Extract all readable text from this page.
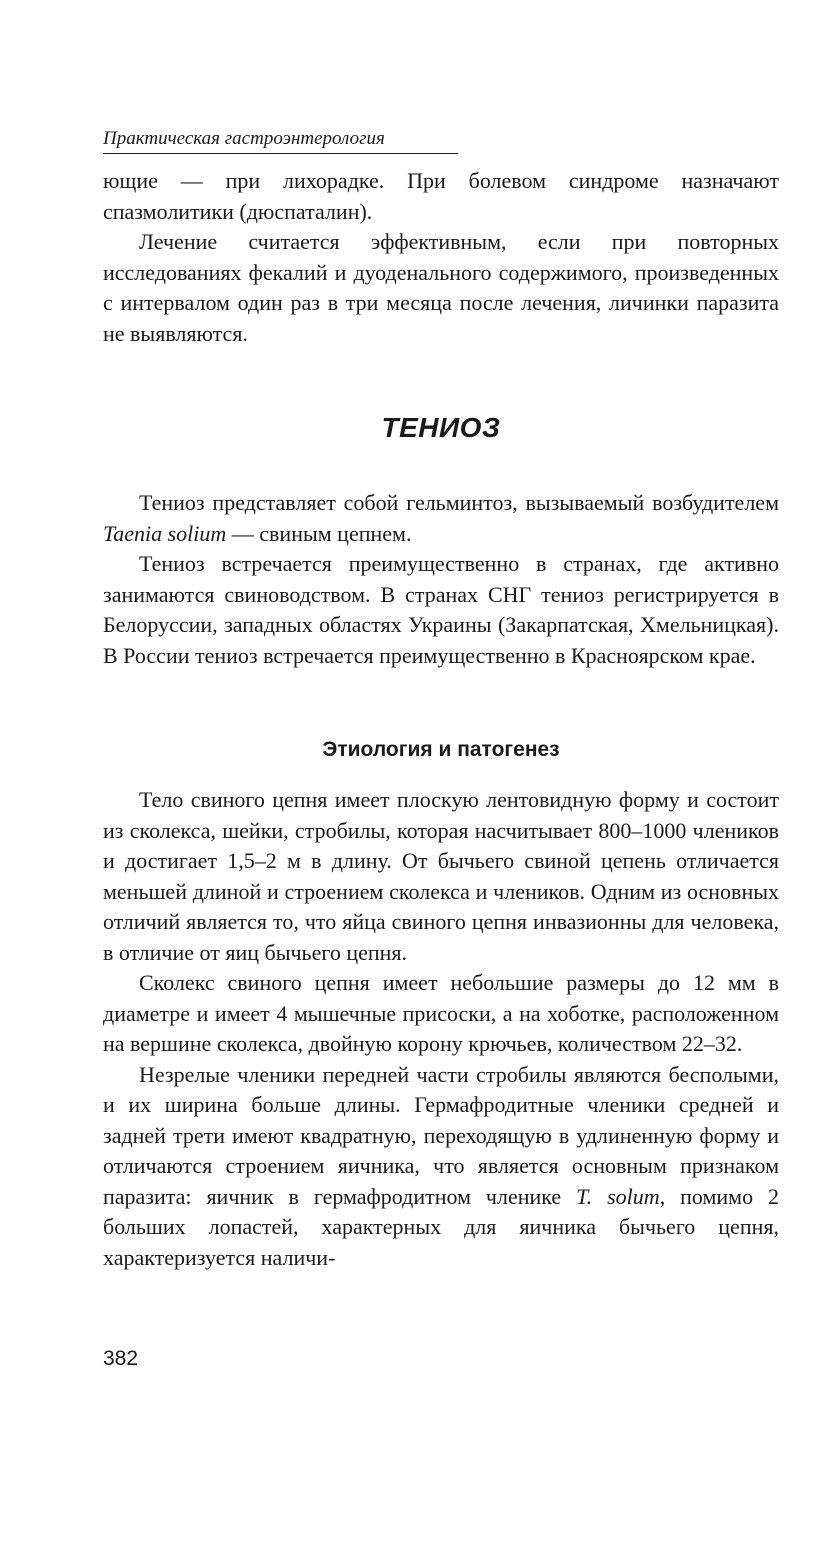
Практическая гастроэнтерология

ющие — при лихорадке. При болевом синдроме назначают спазмолитики (дюспаталин).

Лечение считается эффективным, если при повторных исследованиях фекалий и дуоденального содержимого, произведенных с интервалом один раз в три месяца после лечения, личинки паразита не выявляются.

ТЕНИОЗ

Тениоз представляет собой гельминтоз, вызываемый возбудителем Taenia solium — свиным цепнем.

Тениоз встречается преимущественно в странах, где активно занимаются свиноводством. В странах СНГ тениоз регистрируется в Белоруссии, западных областях Украины (Закарпатская, Хмельницкая). В России тениоз встречается преимущественно в Красноярском крае.

Этиология и патогенез

Тело свиного цепня имеет плоскую лентовидную форму и состоит из сколекса, шейки, стробилы, которая насчитывает 800–1000 члеников и достигает 1,5–2 м в длину. От бычьего свиной цепень отличается меньшей длиной и строением сколекса и члеников. Одним из основных отличий является то, что яйца свиного цепня инвазионны для человека, в отличие от яиц бычьего цепня.

Сколекс свиного цепня имеет небольшие размеры до 12 мм в диаметре и имеет 4 мышечные присоски, а на хоботке, расположенном на вершине сколекса, двойную корону крючьев, количеством 22–32.

Незрелые членики передней части стробилы являются бесполыми, и их ширина больше длины. Гермафродитные членики средней и задней трети имеют квадратную, переходящую в удлиненную форму и отличаются строением яичника, что является основным признаком паразита: яичник в гермафродитном членике T. solum, помимо 2 больших лопастей, характерных для яичника бычьего цепня, характеризуется наличи-

382
